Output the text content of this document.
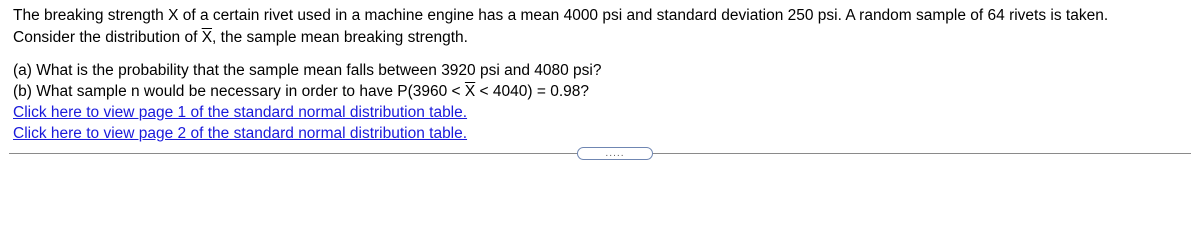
The breaking strength X of a certain rivet used in a machine engine has a mean 4000 psi and standard deviation 250 psi. A random sample of 64 rivets is taken.
Consider the distribution of $\overline{X}$, the sample mean breaking strength.
(a) What is the probability that the sample mean falls between 3920 psi and 4080 psi?
(b) What sample n would be necessary in order to have $P(3960 < \overline{X} < 4040) = 0.98$?
Click here to view page 1 of the standard normal distribution table.
Click here to view page 2 of the standard normal distribution table.
.....
